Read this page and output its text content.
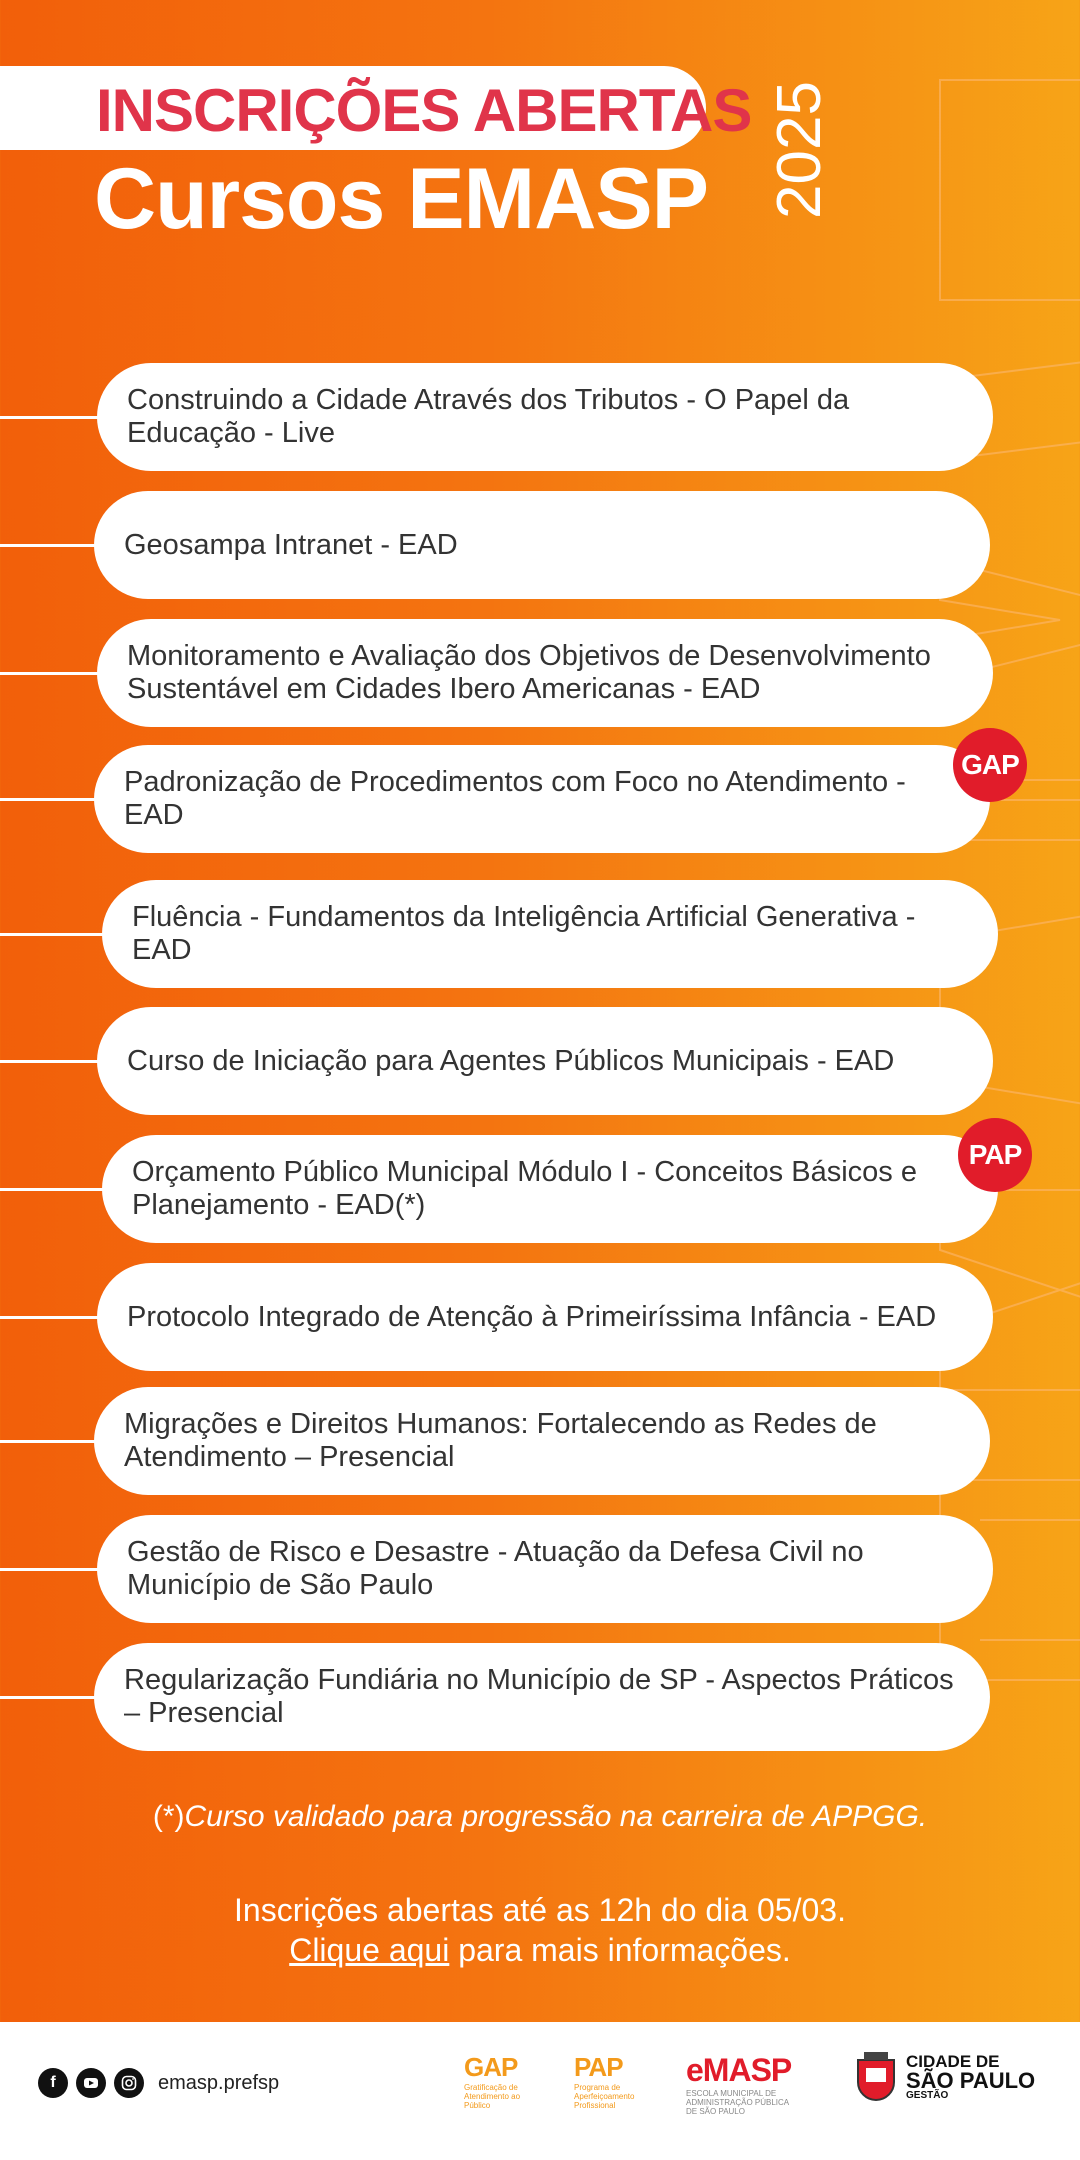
INSCRIÇÕES ABERTAS
Cursos EMASP 2025
Construindo a Cidade Através dos Tributos - O Papel da Educação - Live
Geosampa Intranet - EAD
Monitoramento e Avaliação dos Objetivos de Desenvolvimento Sustentável em Cidades Ibero Americanas - EAD
Padronização de Procedimentos com Foco no Atendimento - EAD
Fluência - Fundamentos da Inteligência Artificial Generativa - EAD
Curso de Iniciação para Agentes Públicos Municipais - EAD
Orçamento Público Municipal Módulo I - Conceitos Básicos e Planejamento - EAD(*)
Protocolo Integrado de Atenção à Primeiríssima Infância - EAD
Migrações e Direitos Humanos: Fortalecendo as Redes de Atendimento – Presencial
Gestão de Risco e Desastre - Atuação da Defesa Civil no Município de São Paulo
Regularização Fundiária no Município de SP - Aspectos Práticos – Presencial
(*)Curso validado para progressão na carreira de APPGG.
Inscrições abertas até as 12h do dia 05/03.
Clique aqui para mais informações.
f	emasp.prefsp
GAP
Gratificação de Atendimento ao Público
PAP
Programa de Aperfeiçoamento Profissional
eMASP
ESCOLA MUNICIPAL DE ADMINISTRAÇÃO PÚBLICA DE SÃO PAULO
CIDADE DE
SÃO PAULO
GESTÃO
GAP
PAP
